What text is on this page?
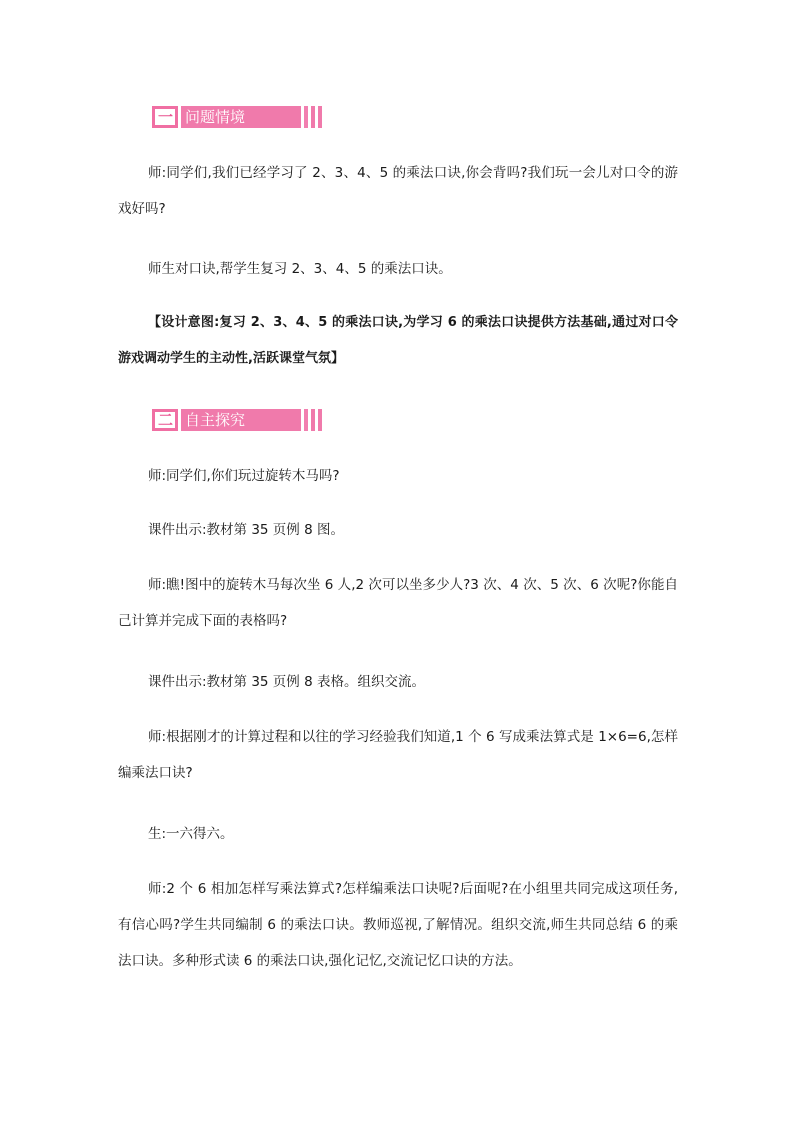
一 问题情境

师:同学们,我们已经学习了 2、3、4、5 的乘法口诀,你会背吗?我们玩一会儿对口令的游戏好吗?

师生对口诀,帮学生复习 2、3、4、5 的乘法口诀。

【设计意图:复习 2、3、4、5 的乘法口诀,为学习 6 的乘法口诀提供方法基础,通过对口令游戏调动学生的主动性,活跃课堂气氛】

二 自主探究

师:同学们,你们玩过旋转木马吗?

课件出示:教材第 35 页例 8 图。

师:瞧!图中的旋转木马每次坐 6 人,2 次可以坐多少人?3 次、4 次、5 次、6 次呢?你能自己计算并完成下面的表格吗?

课件出示:教材第 35 页例 8 表格。组织交流。

师:根据刚才的计算过程和以往的学习经验我们知道,1 个 6 写成乘法算式是 1×6=6,怎样编乘法口诀?

生:一六得六。

师:2 个 6 相加怎样写乘法算式?怎样编乘法口诀呢?后面呢?在小组里共同完成这项任务,有信心吗?学生共同编制 6 的乘法口诀。教师巡视,了解情况。组织交流,师生共同总结 6 的乘法口诀。多种形式读 6 的乘法口诀,强化记忆,交流记忆口诀的方法。
